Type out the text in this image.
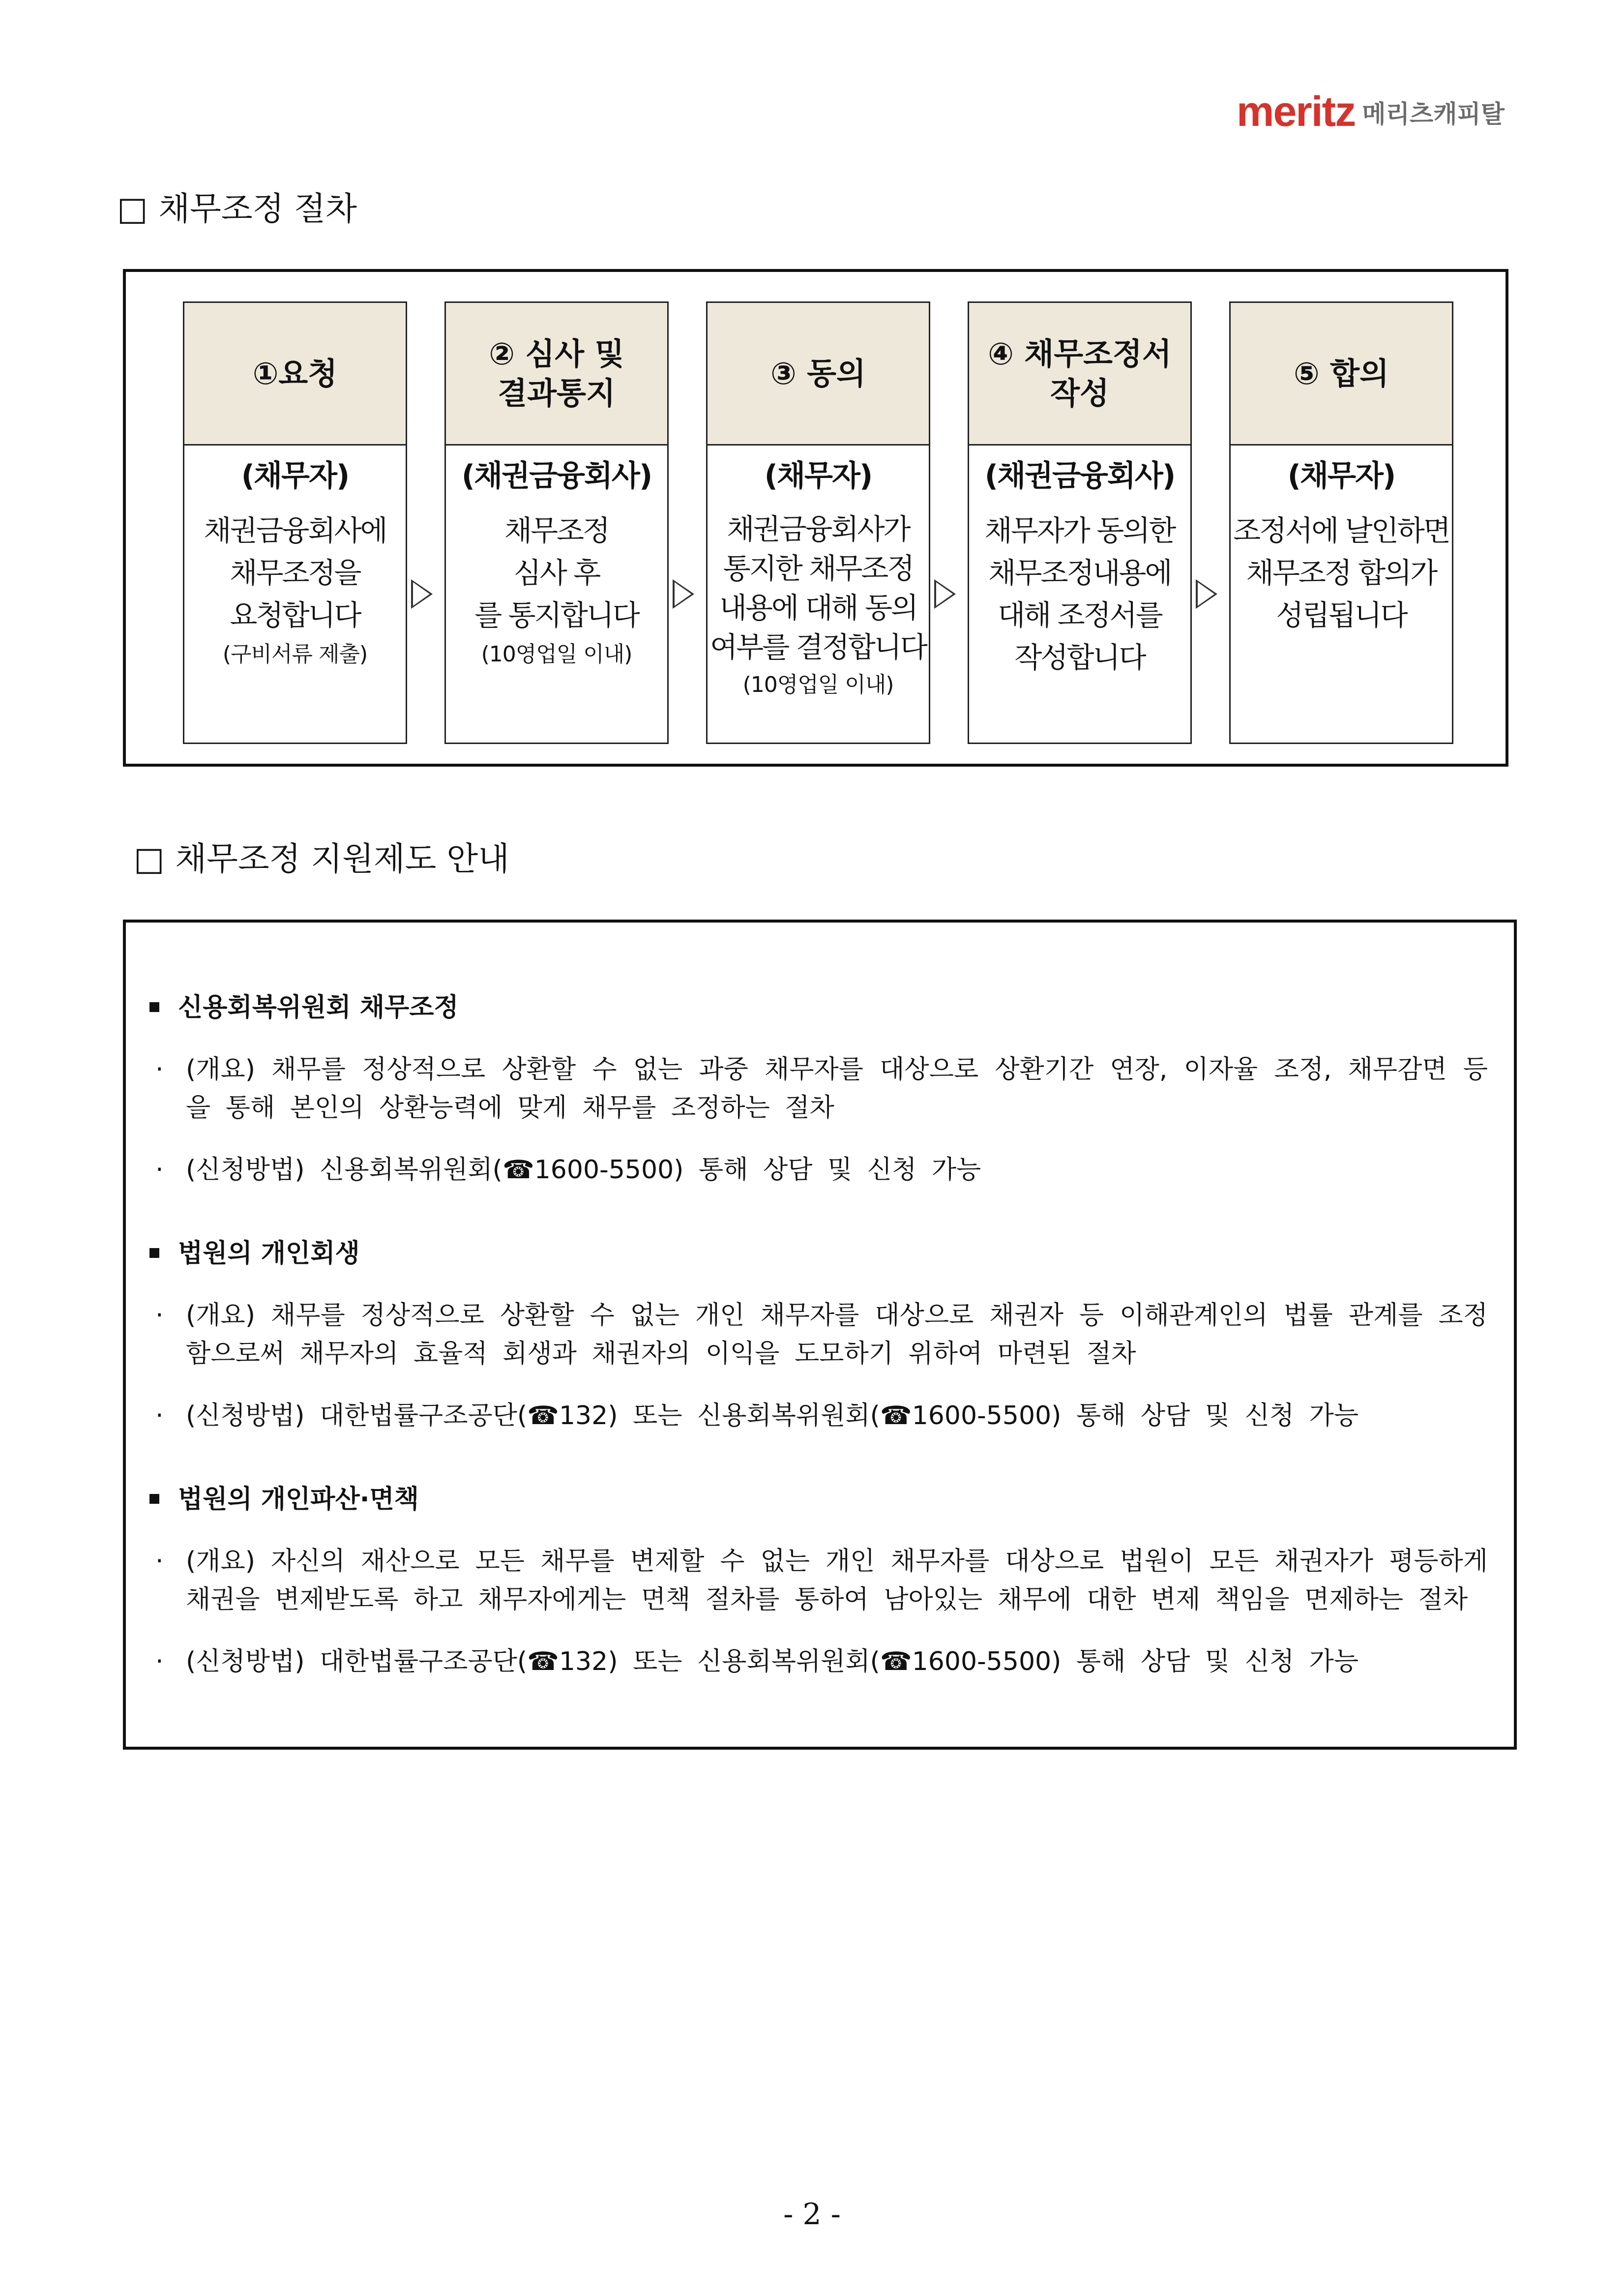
meritz 메리츠캐피탈
□ 채무조정 절차
①요청
(채무자)
채권금융회사에
채무조정을
요청합니다
(구비서류 제출)
② 심사 및
결과통지
(채권금융회사)
채무조정
심사 후
를 통지합니다
(10영업일 이내)
③ 동의
(채무자)
채권금융회사가
통지한 채무조정
내용에 대해 동의
여부를 결정합니다
(10영업일 이내)
④ 채무조정서
작성
(채권금융회사)
채무자가 동의한
채무조정내용에
대해 조정서를
작성합니다
⑤ 합의
(채무자)
조정서에 날인하면
채무조정 합의가
성립됩니다
□ 채무조정 지원제도 안내
신용회복위원회 채무조정
· (개요) 채무를 정상적으로 상환할 수 없는 과중 채무자를 대상으로 상환기간 연장, 이자율 조정, 채무감면 등을 통해 본인의 상환능력에 맞게 채무를 조정하는 절차
· (신청방법) 신용회복위원회(☎1600-5500) 통해 상담 및 신청 가능
법원의 개인회생
· (개요) 채무를 정상적으로 상환할 수 없는 개인 채무자를 대상으로 채권자 등 이해관계인의 법률 관계를 조정함으로써 채무자의 효율적 회생과 채권자의 이익을 도모하기 위하여 마련된 절차
· (신청방법) 대한법률구조공단(☎132) 또는 신용회복위원회(☎1600-5500) 통해 상담 및 신청 가능
법원의 개인파산·면책
· (개요) 자신의 재산으로 모든 채무를 변제할 수 없는 개인 채무자를 대상으로 법원이 모든 채권자가 평등하게 채권을 변제받도록 하고 채무자에게는 면책 절차를 통하여 남아있는 채무에 대한 변제 책임을 면제하는 절차
· (신청방법) 대한법률구조공단(☎132) 또는 신용회복위원회(☎1600-5500) 통해 상담 및 신청 가능
- 2 -
